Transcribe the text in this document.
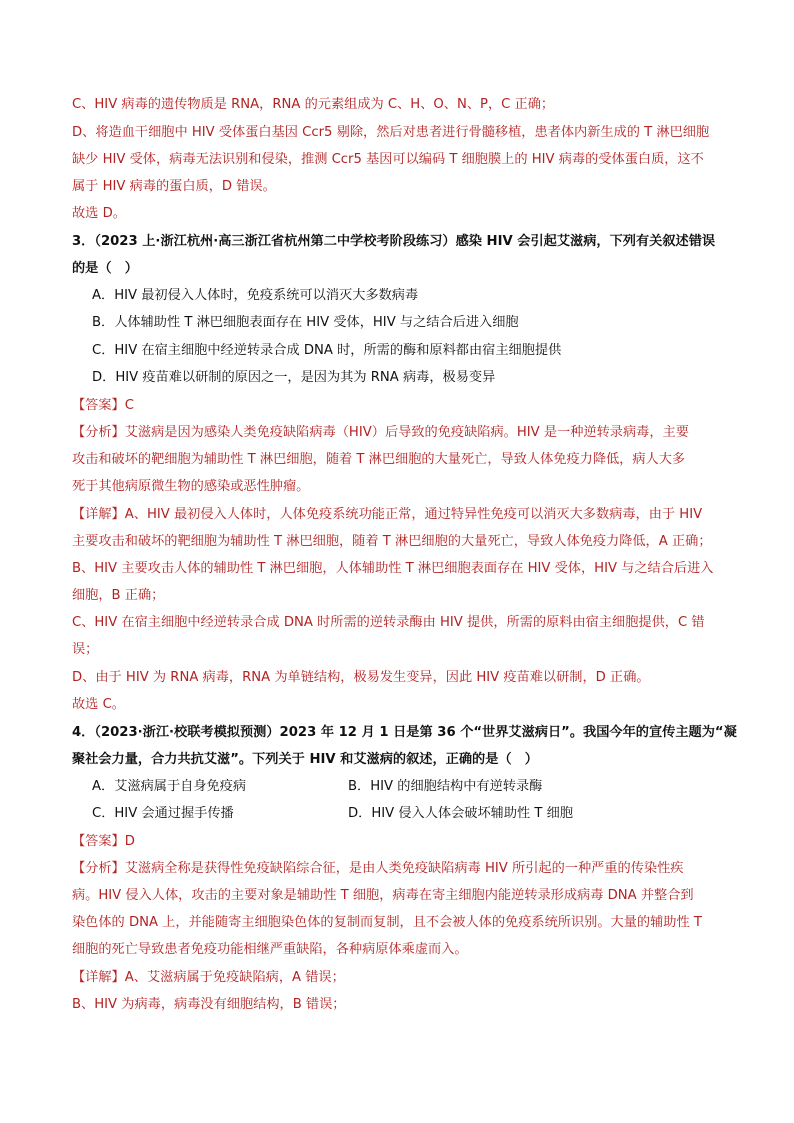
C、HIV 病毒的遗传物质是 RNA，RNA 的元素组成为 C、H、O、N、P，C 正确；
D、将造血干细胞中 HIV 受体蛋白基因 Ccr5 剔除，然后对患者进行骨髓移植，患者体内新生成的 T 淋巴细胞
缺少 HIV 受体，病毒无法识别和侵染，推测 Ccr5 基因可以编码 T 细胞膜上的 HIV 病毒的受体蛋白质，这不
属于 HIV 病毒的蛋白质，D 错误。
故选 D。
3．（2023 上·浙江杭州·高三浙江省杭州第二中学校考阶段练习）感染 HIV 会引起艾滋病，下列有关叙述错误
的是（　）
A．HIV 最初侵入人体时，免疫系统可以消灭大多数病毒
B．人体辅助性 T 淋巴细胞表面存在 HIV 受体，HIV 与之结合后进入细胞
C．HIV 在宿主细胞中经逆转录合成 DNA 时，所需的酶和原料都由宿主细胞提供
D．HIV 疫苗难以研制的原因之一，是因为其为 RNA 病毒，极易变异
【答案】C
【分析】艾滋病是因为感染人类免疫缺陷病毒（HIV）后导致的免疫缺陷病。HIV 是一种逆转录病毒，主要
攻击和破坏的靶细胞为辅助性 T 淋巴细胞，随着 T 淋巴细胞的大量死亡，导致人体免疫力降低，病人大多
死于其他病原微生物的感染或恶性肿瘤。
【详解】A、HIV 最初侵入人体时，人体免疫系统功能正常，通过特异性免疫可以消灭大多数病毒，由于 HIV
主要攻击和破坏的靶细胞为辅助性 T 淋巴细胞，随着 T 淋巴细胞的大量死亡，导致人体免疫力降低，A 正确；
B、HIV 主要攻击人体的辅助性 T 淋巴细胞，人体辅助性 T 淋巴细胞表面存在 HIV 受体，HIV 与之结合后进入
细胞，B 正确；
C、HIV 在宿主细胞中经逆转录合成 DNA 时所需的逆转录酶由 HIV 提供，所需的原料由宿主细胞提供，C 错
误；
D、由于 HIV 为 RNA 病毒，RNA 为单链结构，极易发生变异，因此 HIV 疫苗难以研制，D 正确。
故选 C。
4．（2023·浙江·校联考模拟预测）2023 年 12 月 1 日是第 36 个“世界艾滋病日”。我国今年的宣传主题为“凝
聚社会力量，合力共抗艾滋”。下列关于 HIV 和艾滋病的叙述，正确的是（　）
A．艾滋病属于自身免疫病	B．HIV 的细胞结构中有逆转录酶
C．HIV 会通过握手传播	D．HIV 侵入人体会破坏辅助性 T 细胞
【答案】D
【分析】艾滋病全称是获得性免疫缺陷综合征，是由人类免疫缺陷病毒 HIV 所引起的一种严重的传染性疾
病。HIV 侵入人体，攻击的主要对象是辅助性 T 细胞，病毒在寄主细胞内能逆转录形成病毒 DNA 并整合到
染色体的 DNA 上，并能随寄主细胞染色体的复制而复制，且不会被人体的免疫系统所识别。大量的辅助性 T
细胞的死亡导致患者免疫功能相继严重缺陷，各种病原体乘虚而入。
【详解】A、艾滋病属于免疫缺陷病，A 错误；
B、HIV 为病毒，病毒没有细胞结构，B 错误；
